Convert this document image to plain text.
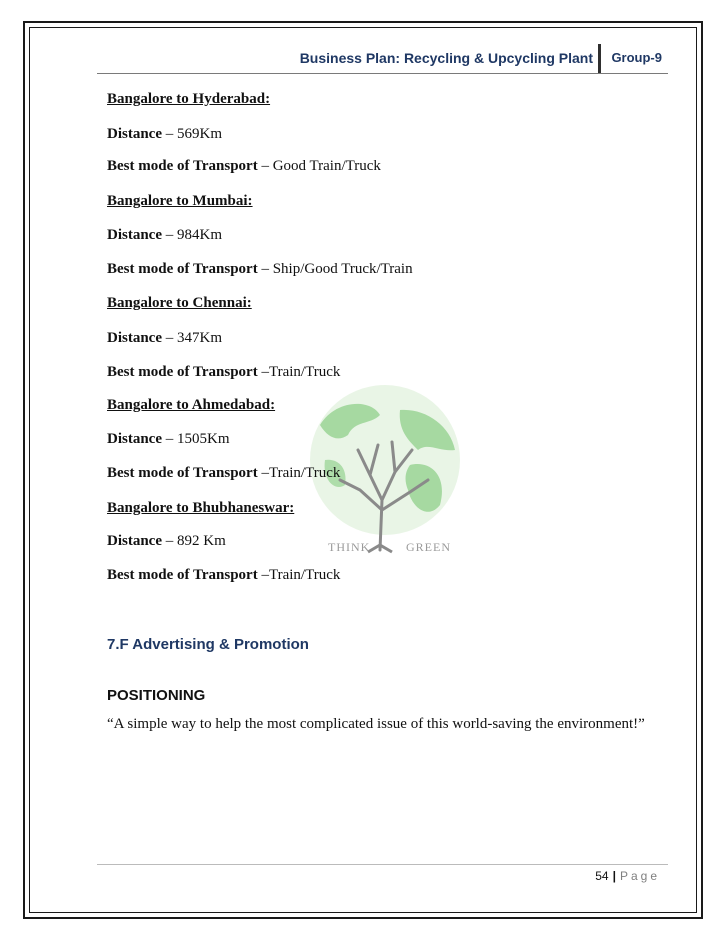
Business Plan: Recycling & Upcycling Plant Group-9
THINK	GREEN
Bangalore to Hyderabad:
Distance – 569Km
Best mode of Transport – Good Train/Truck
Bangalore to Mumbai:
Distance – 984Km
Best mode of Transport – Ship/Good Truck/Train
Bangalore to Chennai:
Distance – 347Km
Best mode of Transport –Train/Truck
Bangalore to Ahmedabad:
Distance – 1505Km
Best mode of Transport –Train/Truck
Bangalore to Bhubhaneswar:
Distance – 892 Km
Best mode of Transport –Train/Truck
7.F Advertising & Promotion
POSITIONING
“A simple way to help the most complicated issue of this world-saving the environment!”
54 | Page
